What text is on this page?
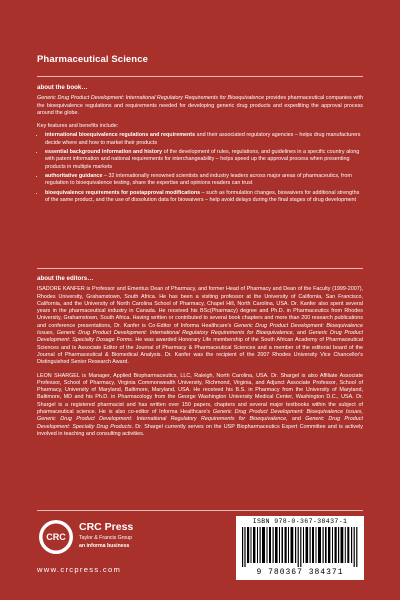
Pharmaceutical Science
about the book…

Generic Drug Product Development: International Regulatory Requirements for Bioequivalence provides pharmaceutical companies with the bioequivalence regulations and requirements needed for developing generic drug products and expediting the approval process around the globe.

Key features and benefits include:

• international bioequivalence regulations and requirements and their associated regulatory agencies – helps drug manufacturers decide where and how to market their products
• essential background information and history of the development of rules, regulations, and guidelines in a specific country along with patent information and national requirements for interchangeability – helps speed up the approval process when presenting products in multiple markets
• authoritative guidance – 32 internationally renowned scientists and industry leaders across major areas of pharmaceutics, from regulation to bioequivalence testing, share the expertise and opinions readers can trust
• bioequivalence requirements for postapproval modifications – such as formulation changes, biowaivers for additional strengths of the same product, and the use of dissolution data for biowaivers – help avoid delays during the final stages of drug development
about the editors…

ISADORE KANFER is Professor and Emeritus Dean of Pharmacy, and former Head of Pharmacy and Dean of the Faculty (1999-2007), Rhodes University, Grahamstown, South Africa. He has been a visiting professor at the University of California, San Francisco, California, and the University of North Carolina School of Pharmacy, Chapel Hill, North Carolina, USA. Dr. Kanfer also spent several years in the pharmaceutical industry in Canada. He received his BSc(Pharmacy) degree and Ph.D. in Pharmaceutics from Rhodes University, Grahamstown, South Africa. Having written or contributed to several book chapters and more than 200 research publications and conference presentations, Dr. Kanfer is Co-Editor of Informa Healthcare's Generic Drug Product Development: Bioequivalence Issues, Generic Drug Product Development: International Regulatory Requirements for Bioequivalence, and Generic Drug Product Development: Specialty Dosage Forms. He was awarded Honorary Life membership of the South African Academy of Pharmaceutical Sciences and is Associate Editor of the Journal of Pharmacy & Pharmaceutical Sciences and a member of the editorial board of the Journal of Pharmaceutical & Biomedical Analysis. Dr. Kanfer was the recipient of the 2007 Rhodes University Vice Chancellor's Distinguished Senior Research Award.

LEON SHARGEL is Manager, Applied Biopharmaceutics, LLC, Raleigh, North Carolina, USA. Dr. Shargel is also Affiliate Associate Professor, School of Pharmacy, Virginia Commonwealth University, Richmond, Virginia, and Adjunct Associate Professor, School of Pharmacy, University of Maryland, Baltimore, Maryland, USA. He received his B.S. in Pharmacy from the University of Maryland, Baltimore, MD and his Ph.D. in Pharmacology from the George Washington University Medical Center, Washington D.C., USA. Dr. Shargel is a registered pharmacist and has written over 150 papers, chapters and several major textbooks within the subject of pharmaceutical science. He is also co-editor of Informa Healthcare's Generic Drug Product Development: Bioequivalence Issues, Generic Drug Product Development: International Regulatory Requirements for Bioequivalence, and Generic Drug Product Development: Specialty Drug Products. Dr. Shargel currently serves on the USP Biopharmaceutics Expert Committee and is actively involved in teaching and consulting activities.

CRC
CRC Press
Taylor & Francis Group
an informa business
www.crcpress.com
ISBN 978-0-367-38437-1
9 780367 384371
